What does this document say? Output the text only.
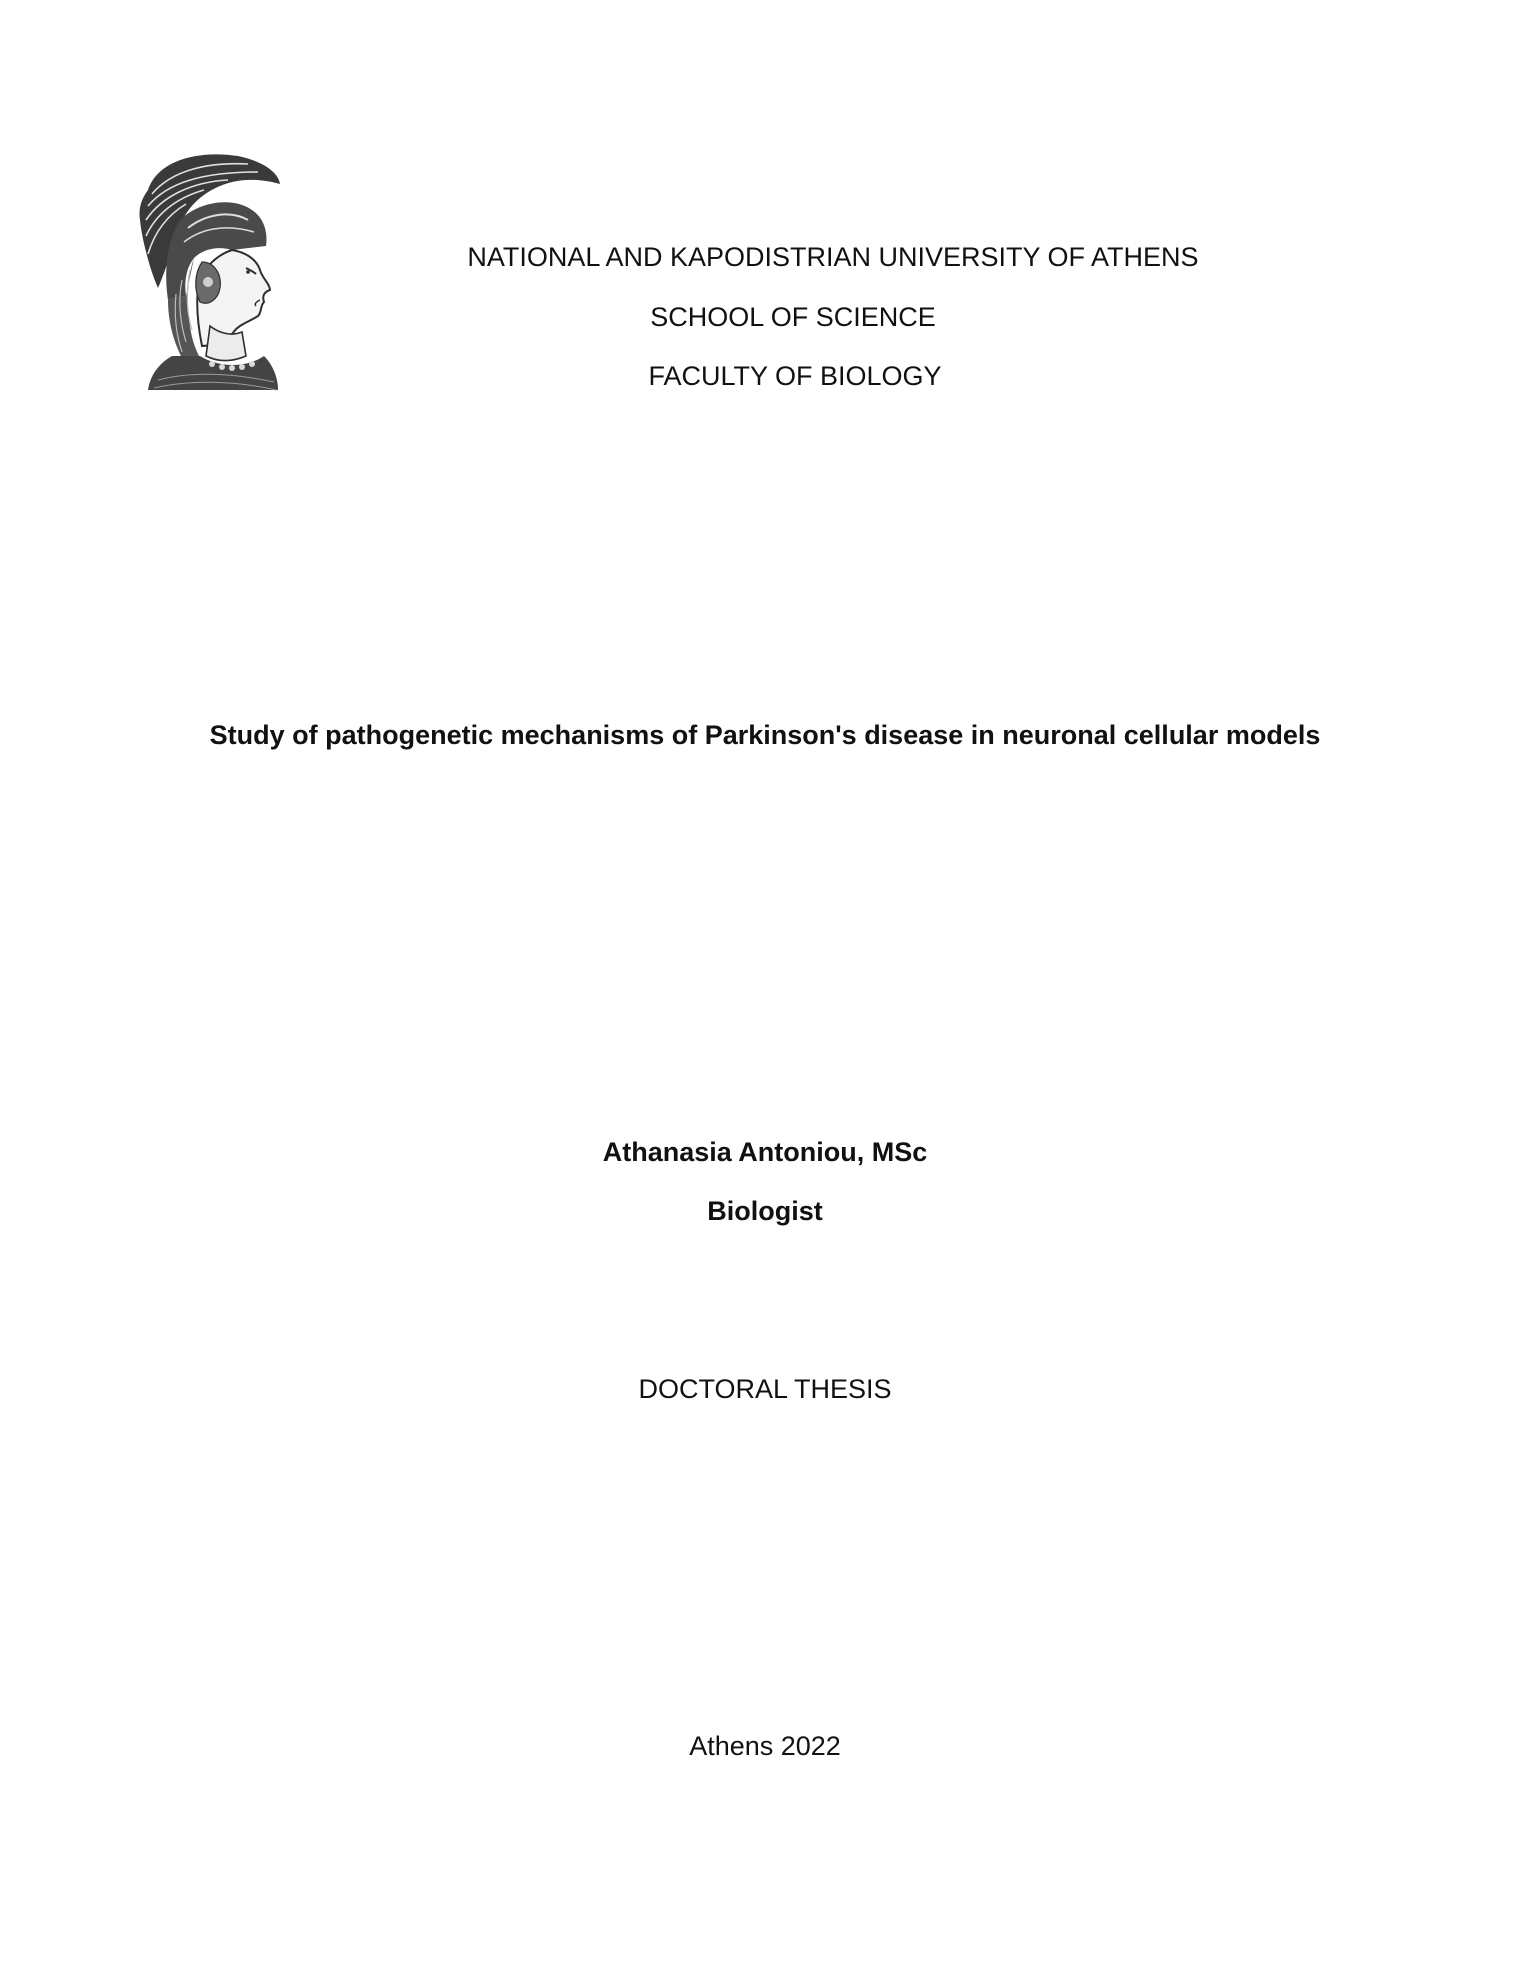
NATIONAL AND KAPODISTRIAN UNIVERSITY OF ATHENS
SCHOOL OF SCIENCE
FACULTY OF BIOLOGY
Study of pathogenetic mechanisms of Parkinson's disease in neuronal cellular models
Athanasia Antoniou, MSc
Biologist
DOCTORAL THESIS
Athens 2022
